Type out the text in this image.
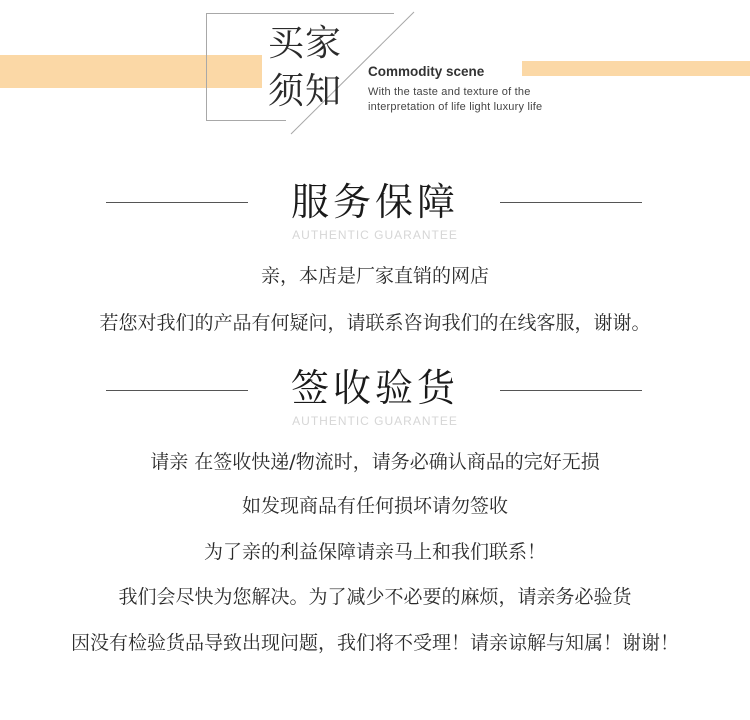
买家
须知	Commodity scene
With the taste and texture of the
interpretation of life light luxury life
服务保障
AUTHENTIC GUARANTEE
亲，本店是厂家直销的网店
若您对我们的产品有何疑问，请联系咨询我们的在线客服，谢谢。
签收验货
AUTHENTIC GUARANTEE
请亲 在签收快递/物流时，请务必确认商品的完好无损
如发现商品有任何损坏请勿签收
为了亲的利益保障请亲马上和我们联系！
我们会尽快为您解决。为了减少不必要的麻烦，请亲务必验货
因没有检验货品导致出现问题，我们将不受理！请亲谅解与知属！谢谢！
